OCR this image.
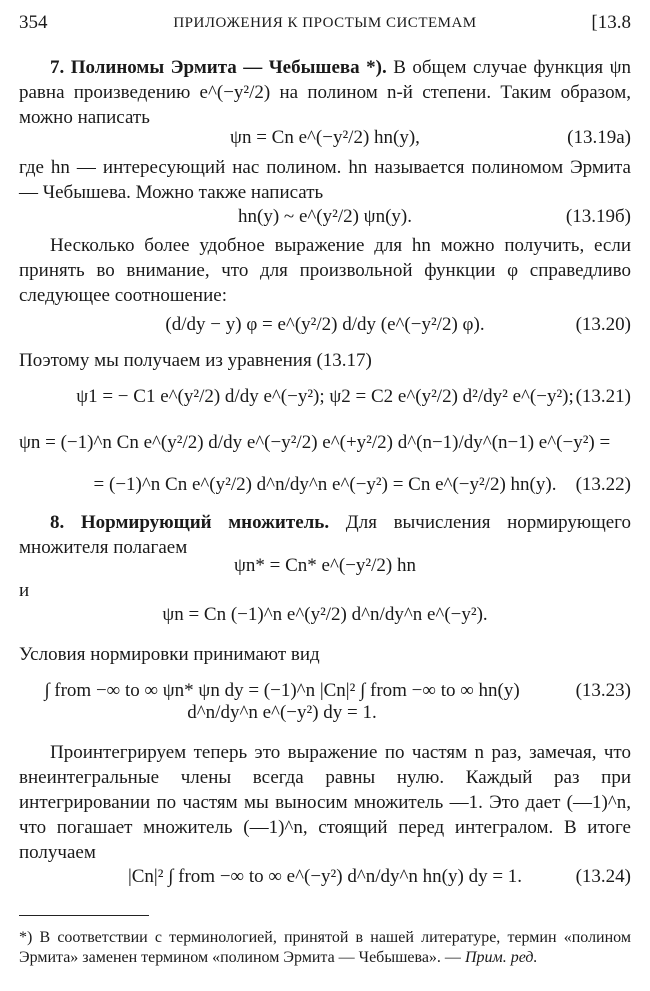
354	ПРИЛОЖЕНИЯ К ПРОСТЫМ СИСТЕМАМ	[13.8
7. Полиномы Эрмита — Чебышева *). В общем случае функция ψn равна произведению e^(−y²/2) на полином n-й степени. Таким образом, можно написать
ψn = Cn e^(−y²/2) hn(y),	(13.19a)
где hn — интересующий нас полином. hn называется полиномом Эрмита — Чебышева. Можно также написать
hn(y) ~ e^(y²/2) ψn(y).	(13.19б)
Несколько более удобное выражение для hn можно получить, если принять во внимание, что для произвольной функции φ справедливо следующее соотношение:
(d/dy − y) φ = e^(y²/2) d/dy (e^(−y²/2) φ).	(13.20)
Поэтому мы получаем из уравнения (13.17)
ψ1 = − C1 e^(y²/2) d/dy e^(−y²); ψ2 = C2 e^(y²/2) d²/dy² e^(−y²); (13.21)
ψn = (−1)^n Cn e^(y²/2) d/dy e^(−y²/2) e^(+y²/2) d^(n−1)/dy^(n−1) e^(−y²) =
= (−1)^n Cn e^(y²/2) d^n/dy^n e^(−y²) = Cn e^(−y²/2) hn(y).	(13.22)
8. Нормирующий множитель. Для вычисления нормирующего множителя полагаем
ψn* = Cn* e^(−y²/2) hn
и
ψn = Cn (−1)^n e^(y²/2) d^n/dy^n e^(−y²).
Условия нормировки принимают вид
∫ from −∞ to ∞ ψn* ψn dy = (−1)^n |Cn|² ∫ from −∞ to ∞ hn(y) d^n/dy^n e^(−y²) dy = 1.
(13.23)
Проинтегрируем теперь это выражение по частям n раз, замечая, что внеинтегральные члены всегда равны нулю. Каждый раз при интегрировании по частям мы выносим множитель —1. Это дает (—1)^n, что погашает множитель (—1)^n, стоящий перед интегралом. В итоге получаем
|Cn|² ∫ from −∞ to ∞ e^(−y²) d^n/dy^n hn(y) dy = 1.	(13.24)
*) В соответствии с терминологией, принятой в нашей литературе, термин «полином Эрмита» заменен термином «полином Эрмита — Чебышева». — Прим. ред.
